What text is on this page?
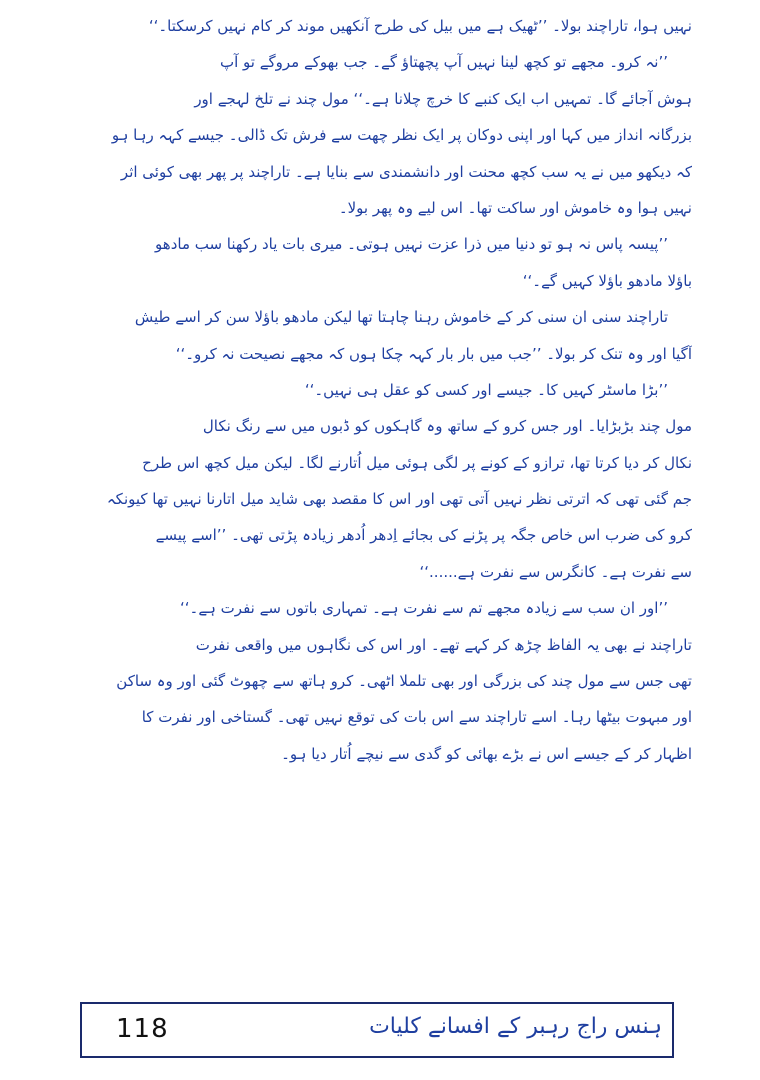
نہیں ہوا، تاراچند بولا۔ ’’ٹھیک ہے میں بیل کی طرح آنکھیں موند کر کام نہیں کرسکتا۔‘‘
’’نہ کرو۔ مجھے تو کچھ لینا نہیں آپ پچھتاؤ گے۔ جب بھوکے مروگے تو آپ
ہوش آجائے گا۔ تمہیں اب ایک کنبے کا خرچ چلانا ہے۔‘‘ مول چند نے تلخ لہجے اور
بزرگانہ انداز میں کہا اور اپنی دوکان پر ایک نظر چھت سے فرش تک ڈالی۔ جیسے کہہ رہا ہو
کہ دیکھو میں نے یہ سب کچھ محنت اور دانشمندی سے بنایا ہے۔ تاراچند پر پھر بھی کوئی اثر
نہیں ہوا وہ خاموش اور ساکت تھا۔ اس لیے وہ پھر بولا۔
’’پیسہ پاس نہ ہو تو دنیا میں ذرا عزت نہیں ہوتی۔ میری بات یاد رکھنا سب مادھو
باؤلا مادھو باؤلا کہیں گے۔‘‘
تاراچند سنی ان سنی کر کے خاموش رہنا چاہتا تھا لیکن مادھو باؤلا سن کر اسے طیش
آگیا اور وہ تنک کر بولا۔ ’’جب میں بار بار کہہ چکا ہوں کہ مجھے نصیحت نہ کرو۔‘‘
’’بڑا ماسٹر کہیں کا۔ جیسے اور کسی کو عقل ہی نہیں۔‘‘
مول چند بڑبڑایا۔ اور جس کرو کے ساتھ وہ گاہکوں کو ڈبوں میں سے رنگ نکال
نکال کر دیا کرتا تھا، ترازو کے کونے پر لگی ہوئی میل اُتارنے لگا۔ لیکن میل کچھ اس طرح
جم گئی تھی کہ اترتی نظر نہیں آتی تھی اور اس کا مقصد بھی شاید میل اتارنا نہیں تھا کیونکہ
کرو کی ضرب اس خاص جگہ پر پڑنے کی بجائے اِدھر اُدھر زیادہ پڑتی تھی۔ ’’اسے پیسے
سے نفرت ہے۔ کانگرس سے نفرت ہے......‘‘
’’اور ان سب سے زیادہ مجھے تم سے نفرت ہے۔ تمہاری باتوں سے نفرت ہے۔‘‘
تاراچند نے بھی یہ الفاظ چڑھ کر کہے تھے۔ اور اس کی نگاہوں میں واقعی نفرت
تھی جس سے مول چند کی بزرگی اور بھی تلملا اٹھی۔ کرو ہاتھ سے چھوٹ گئی اور وہ ساکن
اور مبہوت بیٹھا رہا۔ اسے تاراچند سے اس بات کی توقع نہیں تھی۔ گستاخی اور نفرت کا
اظہار کر کے جیسے اس نے بڑے بھائی کو گدی سے نیچے اُتار دیا ہو۔
118	ہنس راج رہبر کے افسانے کلیات
